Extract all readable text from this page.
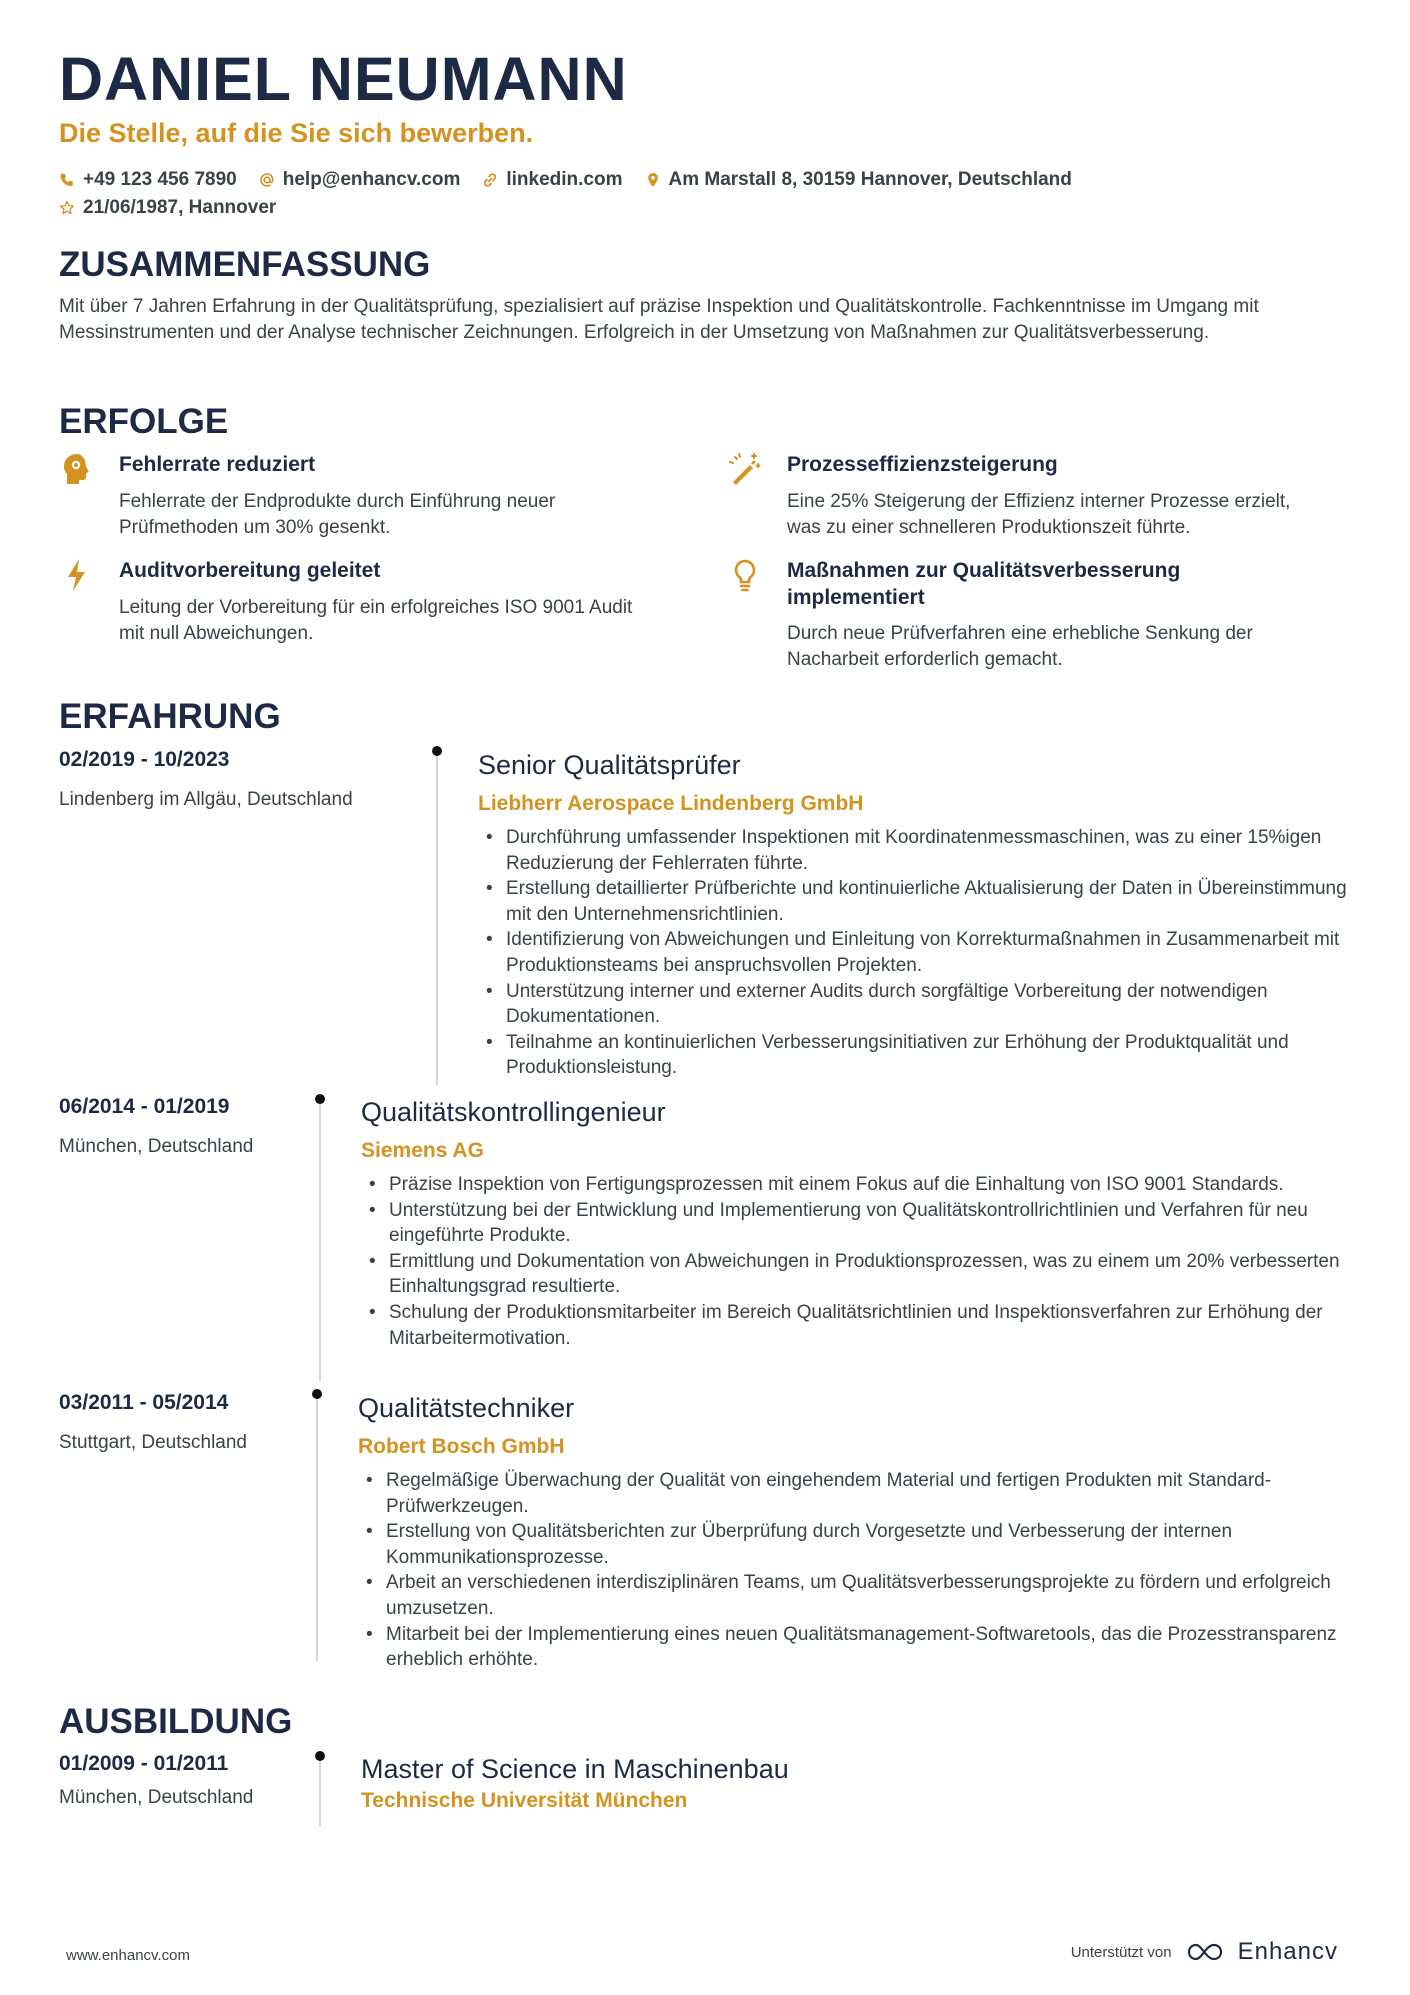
DANIEL NEUMANN
Die Stelle, auf die Sie sich bewerben.
+49 123 456 7890 help@enhancv.com linkedin.com Am Marstall 8, 30159 Hannover, Deutschland
21/06/1987, Hannover
ZUSAMMENFASSUNG

Mit über 7 Jahren Erfahrung in der Qualitätsprüfung, spezialisiert auf präzise Inspektion und Qualitätskontrolle. Fachkenntnisse im Umgang mit Messinstrumenten und der Analyse technischer Zeichnungen. Erfolgreich in der Umsetzung von Maßnahmen zur Qualitätsverbesserung.

ERFOLGE
Fehlerrate reduziert
Fehlerrate der Endprodukte durch Einführung neuer Prüfmethoden um 30% gesenkt.
Prozesseffizienzsteigerung
Eine 25% Steigerung der Effizienz interner Prozesse erzielt, was zu einer schnelleren Produktionszeit führte.
Auditvorbereitung geleitet
Leitung der Vorbereitung für ein erfolgreiches ISO 9001 Audit mit null Abweichungen.
Maßnahmen zur Qualitätsverbesserung implementiert
Durch neue Prüfverfahren eine erhebliche Senkung der Nacharbeit erforderlich gemacht.
ERFAHRUNG
02/2019 - 10/2023
Lindenberg im Allgäu, Deutschland
Senior Qualitätsprüfer
Liebherr Aerospace Lindenberg GmbH
• Durchführung umfassender Inspektionen mit Koordinatenmessmaschinen, was zu einer 15%igen Reduzierung der Fehlerraten führte.
• Erstellung detaillierter Prüfberichte und kontinuierliche Aktualisierung der Daten in Übereinstimmung mit den Unternehmensrichtlinien.
• Identifizierung von Abweichungen und Einleitung von Korrekturmaßnahmen in Zusammenarbeit mit Produktionsteams bei anspruchsvollen Projekten.
• Unterstützung interner und externer Audits durch sorgfältige Vorbereitung der notwendigen Dokumentationen.
• Teilnahme an kontinuierlichen Verbesserungsinitiativen zur Erhöhung der Produktqualität und Produktionsleistung.
06/2014 - 01/2019
München, Deutschland
Qualitätskontrollingenieur
Siemens AG
• Präzise Inspektion von Fertigungsprozessen mit einem Fokus auf die Einhaltung von ISO 9001 Standards.
• Unterstützung bei der Entwicklung und Implementierung von Qualitätskontrollrichtlinien und Verfahren für neu eingeführte Produkte.
• Ermittlung und Dokumentation von Abweichungen in Produktionsprozessen, was zu einem um 20% verbesserten Einhaltungsgrad resultierte.
• Schulung der Produktionsmitarbeiter im Bereich Qualitätsrichtlinien und Inspektionsverfahren zur Erhöhung der Mitarbeitermotivation.
03/2011 - 05/2014
Stuttgart, Deutschland
Qualitätstechniker
Robert Bosch GmbH
• Regelmäßige Überwachung der Qualität von eingehendem Material und fertigen Produkten mit Standard-Prüfwerkzeugen.
• Erstellung von Qualitätsberichten zur Überprüfung durch Vorgesetzte und Verbesserung der internen Kommunikationsprozesse.
• Arbeit an verschiedenen interdisziplinären Teams, um Qualitätsverbesserungsprojekte zu fördern und erfolgreich umzusetzen.
• Mitarbeit bei der Implementierung eines neuen Qualitätsmanagement-Softwaretools, das die Prozesstransparenz erheblich erhöhte.
AUSBILDUNG
01/2009 - 01/2011
München, Deutschland
Master of Science in Maschinenbau
Technische Universität München
www.enhancv.com	Unterstützt von	Enhancv
